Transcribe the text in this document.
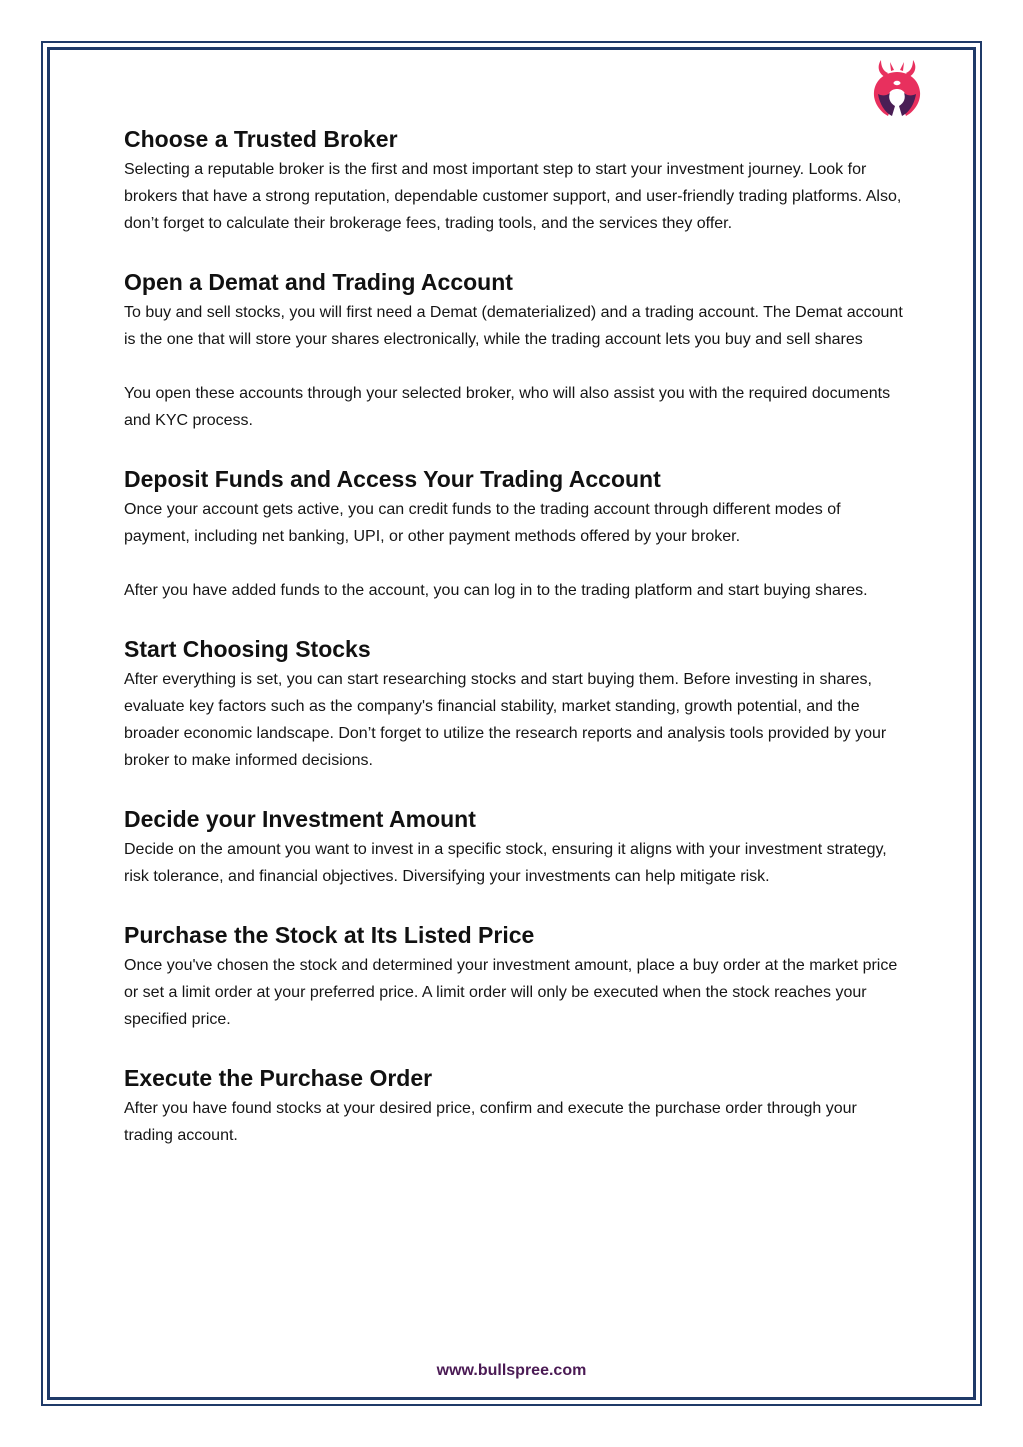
Choose a Trusted Broker

Selecting a reputable broker is the first and most important step to start your investment journey. Look for brokers that have a strong reputation, dependable customer support, and user-friendly trading platforms. Also, don’t forget to calculate their brokerage fees, trading tools, and the services they offer.

Open a Demat and Trading Account

To buy and sell stocks, you will first need a Demat (dematerialized) and a trading account. The Demat account is the one that will store your shares electronically, while the trading account lets you buy and sell shares

You open these accounts through your selected broker, who will also assist you with the required documents and KYC process.

Deposit Funds and Access Your Trading Account

Once your account gets active, you can credit funds to the trading account through different modes of payment, including net banking, UPI, or other payment methods offered by your broker.

After you have added funds to the account, you can log in to the trading platform and start buying shares.

Start Choosing Stocks

After everything is set, you can start researching stocks and start buying them. Before investing in shares, evaluate key factors such as the company's financial stability, market standing, growth potential, and the broader economic landscape. Don’t forget to utilize the research reports and analysis tools provided by your broker to make informed decisions.

Decide your Investment Amount

Decide on the amount you want to invest in a specific stock, ensuring it aligns with your investment strategy, risk tolerance, and financial objectives. Diversifying your investments can help mitigate risk.

Purchase the Stock at Its Listed Price

Once you've chosen the stock and determined your investment amount, place a buy order at the market price or set a limit order at your preferred price. A limit order will only be executed when the stock reaches your specified price.

Execute the Purchase Order

After you have found stocks at your desired price, confirm and execute the purchase order through your trading account.

www.bullspree.com
